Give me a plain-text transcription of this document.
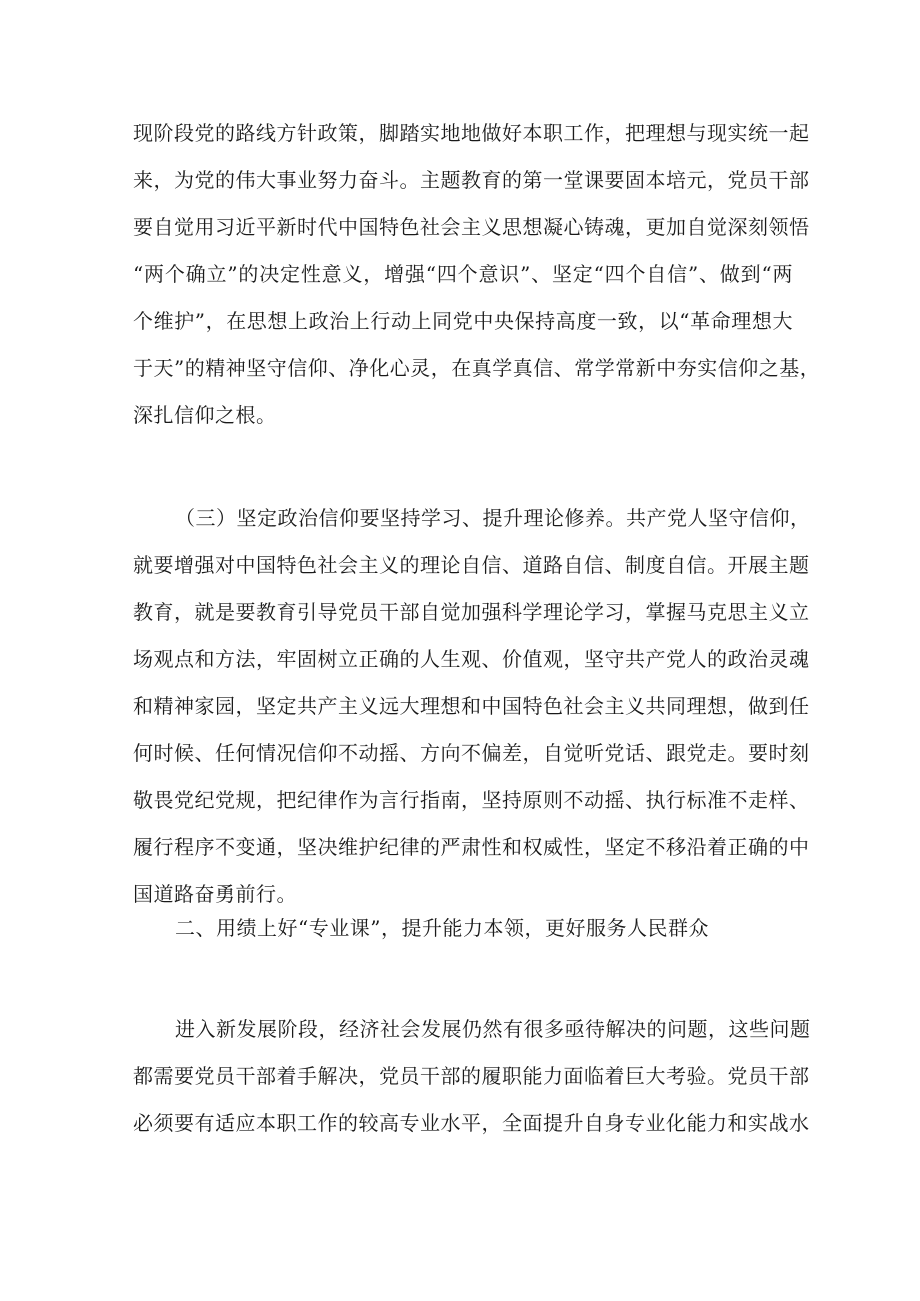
现阶段党的路线方针政策，脚踏实地地做好本职工作，把理想与现实统一起
来，为党的伟大事业努力奋斗。主题教育的第一堂课要固本培元，党员干部
要自觉用习近平新时代中国特色社会主义思想凝心铸魂，更加自觉深刻领悟
“两个确立”的决定性意义，增强“四个意识”、坚定“四个自信”、做到“两
个维护”，在思想上政治上行动上同党中央保持高度一致，以“革命理想大
于天”的精神坚守信仰、净化心灵，在真学真信、常学常新中夯实信仰之基，
深扎信仰之根。
（三）坚定政治信仰要坚持学习、提升理论修养。共产党人坚守信仰，
就要增强对中国特色社会主义的理论自信、道路自信、制度自信。开展主题
教育，就是要教育引导党员干部自觉加强科学理论学习，掌握马克思主义立
场观点和方法，牢固树立正确的人生观、价值观，坚守共产党人的政治灵魂
和精神家园，坚定共产主义远大理想和中国特色社会主义共同理想，做到任
何时候、任何情况信仰不动摇、方向不偏差，自觉听党话、跟党走。要时刻
敬畏党纪党规，把纪律作为言行指南，坚持原则不动摇、执行标准不走样、
履行程序不变通，坚决维护纪律的严肃性和权威性，坚定不移沿着正确的中
国道路奋勇前行。
二、用绩上好“专业课”，提升能力本领，更好服务人民群众
进入新发展阶段，经济社会发展仍然有很多亟待解决的问题，这些问题
都需要党员干部着手解决，党员干部的履职能力面临着巨大考验。党员干部
必须要有适应本职工作的较高专业水平，全面提升自身专业化能力和实战水
